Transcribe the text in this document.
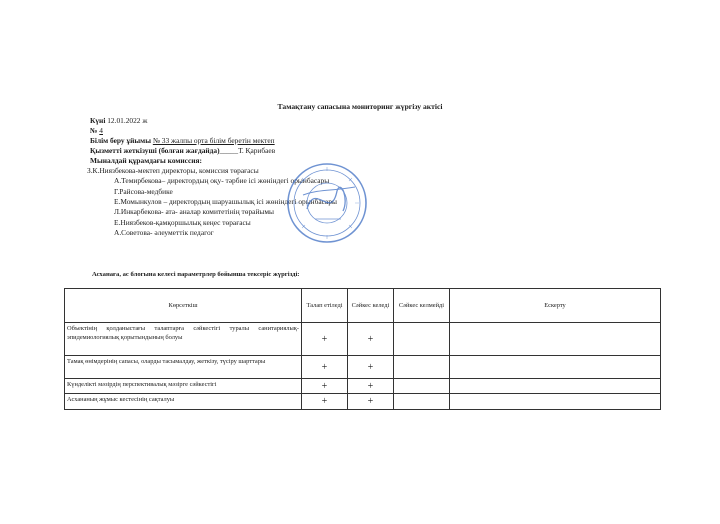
Тамақтану сапасына мониторинг жүргізу актісі
Күні 12.01.2022 ж
№ 4
Білім беру ұйымы № 33 жалпы орта білім беретін мектеп
Қызметті жеткізуші (болған жағдайда)_____Т. Қарибаев
Мыналдай құрамдағы комиссия:
З.К.Ниязбекова-мектеп директоры, комиссия төрағасы
А.Темирбекова– директордың оқу- тәрбие ісі жөніндегі орынбасары
Г.Райсова-медбике
Е.Момынкулов – директордың шаруашылық ісі жөніндегі орынбасары
Л.Инкарбекова- ата- аналар комитетінің төрайымы
Е.Ниязбеков-қамқоршылық кеңес төрағасы
А.Советова- әлеуметтік педагог
Асханаға, ас блогына келесі параметрлер бойынша тексеріс жүргізді:
Көрсеткіш	Талап етіледі	Сәйкес келеді	Сәйкес келмейді	Ескерту
Объектінің қолданыстағы талаптарға сәйкестігі туралы санитариялық-эпидемиологиялық қорытындының болуы	+	+		
Тамақ өнімдерінің сапасы, оларды тасымалдау, жеткізу, түсіру шарттары	+	+		
Күнделікті мәзірдің перспективалық мәзірге сәйкестігі	+	+		
Асхананың жұмыс кестесінің сақталуы	+	+		
